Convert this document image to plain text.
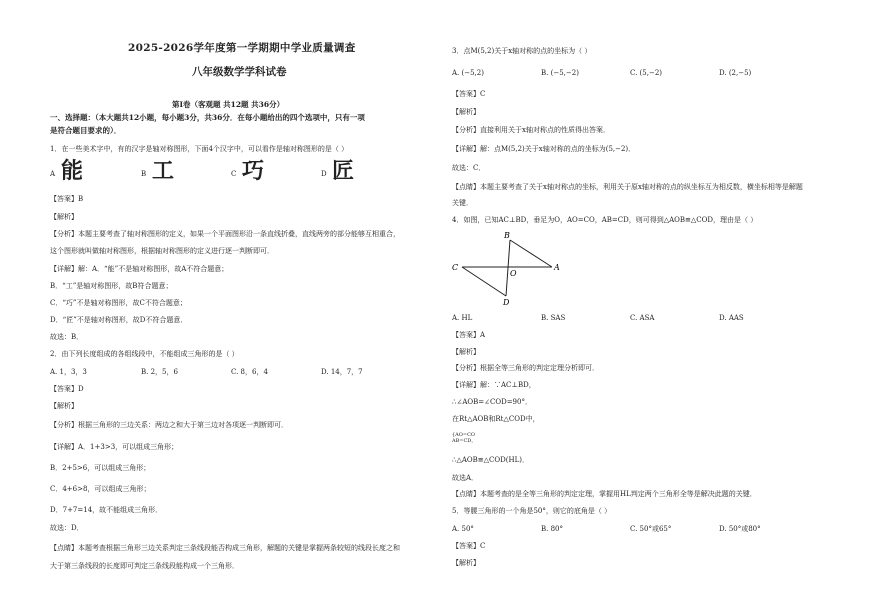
2025-2026学年度第一学期期中学业质量调查
八年级数学学科试卷
第Ⅰ卷（客观题 共12题 共36分）
一、选择题：（本大题共12小题，每小题3分，共36分．在每小题给出的四个选项中，只有一项
是符合题目要求的）．
1．在一些美术字中，有的汉字是轴对称图形，下面4个汉字中，可以看作是轴对称图形的是（ ）
A 能	B 工	C 巧	D 匠
【答案】B
【解析】
【分析】本题主要考查了轴对称图形的定义，如果一个平面图形沿一条直线折叠，直线两旁的部分能够互相重合，
这个图形就叫做轴对称图形，根据轴对称图形的定义进行逐一判断即可．
【详解】解：A．“能”不是轴对称图形，故A不符合题意；
B．“工”是轴对称图形，故B符合题意；
C．“巧”不是轴对称图形，故C不符合题意；
D．“匠”不是轴对称图形，故D不符合题意．
故选：B．
2．由下列长度组成的各组线段中，不能组成三角形的是（ ）
A. 1，3，3	B. 2，5，6	C. 8，6，4	D. 14，7，7
【答案】D
【解析】
【分析】根据三角形的三边关系：两边之和大于第三边对各项逐一判断即可．
【详解】A．1+3>3，可以组成三角形；
B．2+5>6，可以组成三角形；
C．4+6>8，可以组成三角形；
D．7+7=14，故不能组成三角形．
故选：D．
【点睛】本题考查根据三角形三边关系判定三条线段能否构成三角形，解题的关键是掌握两条较短的线段长度之和
大于第三条线段的长度即可判定三条线段能构成一个三角形．
3．点M(5,2)关于x轴对称的点的坐标为（ ）
A. (−5,2)	B. (−5,−2)	C. (5,−2)	D. (2,−5)
【答案】C
【解析】
【分析】直接利用关于x轴对称点的性质得出答案．
【详解】解：点M(5,2)关于x轴对称的点的坐标为(5,−2)．
故选：C．
【点睛】本题主要考查了关于x轴对称点的坐标，利用关于原x轴对称的点的纵坐标互为相反数，横坐标相等是解题
关键．
4．如图，已知AC⊥BD，垂足为O，AO=CO，AB=CD，则可得到△AOB≌△COD，理由是（ ）
B
C
O
A
D
A. HL	B. SAS	C. ASA	D. AAS
【答案】A
【解析】
【分析】根据全等三角形的判定定理分析即可．
【详解】解：∵AC⊥BD，
∴∠AOB=∠COD=90°．
在Rt△AOB和Rt△COD中，
{AO=CO
AB=CD，
∴△AOB≌△COD(HL)．
故选A．
【点睛】本题考查的是全等三角形的判定定理，掌握用HL判定两个三角形全等是解决此题的关键．
5．等腰三角形的一个角是50°，则它的底角是（ ）
A. 50°	B. 80°	C. 50°或65°	D. 50°或80°
【答案】C
【解析】
